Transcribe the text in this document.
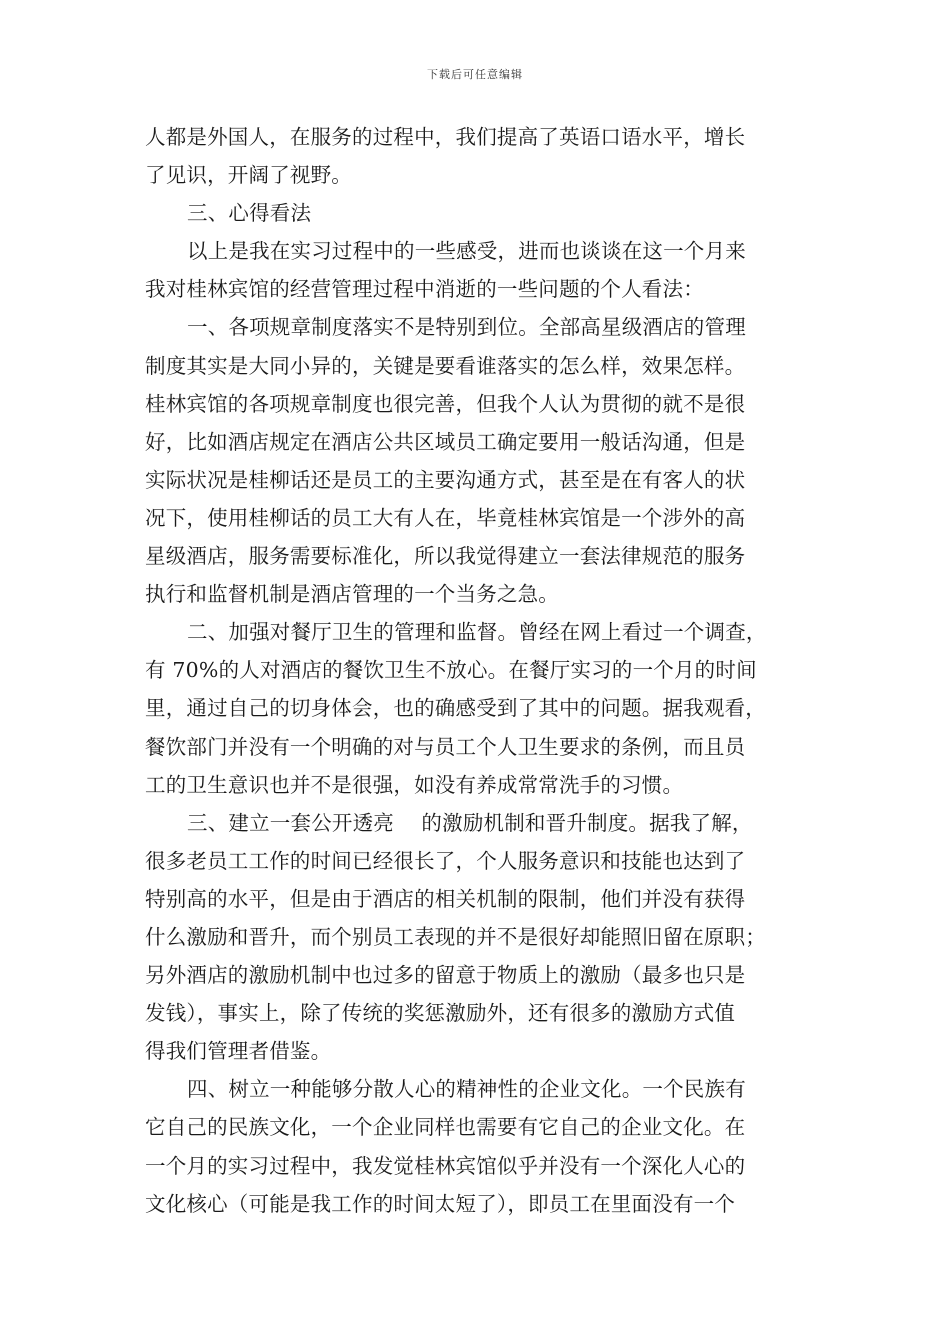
下载后可任意编辑
人都是外国人，在服务的过程中，我们提高了英语口语水平，增长
了见识，开阔了视野。
三、心得看法
以上是我在实习过程中的一些感受，进而也谈谈在这一个月来
我对桂林宾馆的经营管理过程中消逝的一些问题的个人看法：
一、各项规章制度落实不是特别到位。全部高星级酒店的管理
制度其实是大同小异的，关键是要看谁落实的怎么样，效果怎样。
桂林宾馆的各项规章制度也很完善，但我个人认为贯彻的就不是很
好，比如酒店规定在酒店公共区域员工确定要用一般话沟通，但是
实际状况是桂柳话还是员工的主要沟通方式，甚至是在有客人的状
况下，使用桂柳话的员工大有人在，毕竟桂林宾馆是一个涉外的高
星级酒店，服务需要标准化，所以我觉得建立一套法律规范的服务
执行和监督机制是酒店管理的一个当务之急。
二、加强对餐厅卫生的管理和监督。曾经在网上看过一个调查，
有 70%的人对酒店的餐饮卫生不放心。在餐厅实习的一个月的时间
里，通过自己的切身体会，也的确感受到了其中的问题。据我观看，
餐饮部门并没有一个明确的对与员工个人卫生要求的条例，而且员
工的卫生意识也并不是很强，如没有养成常常洗手的习惯。
三、建立一套公开透亮　 的激励机制和晋升制度。据我了解，
很多老员工工作的时间已经很长了，个人服务意识和技能也达到了
特别高的水平，但是由于酒店的相关机制的限制，他们并没有获得
什么激励和晋升，而个别员工表现的并不是很好却能照旧留在原职；
另外酒店的激励机制中也过多的留意于物质上的激励（最多也只是
发钱），事实上，除了传统的奖惩激励外，还有很多的激励方式值
得我们管理者借鉴。
四、树立一种能够分散人心的精神性的企业文化。一个民族有
它自己的民族文化，一个企业同样也需要有它自己的企业文化。在
一个月的实习过程中，我发觉桂林宾馆似乎并没有一个深化人心的
文化核心（可能是我工作的时间太短了），即员工在里面没有一个
